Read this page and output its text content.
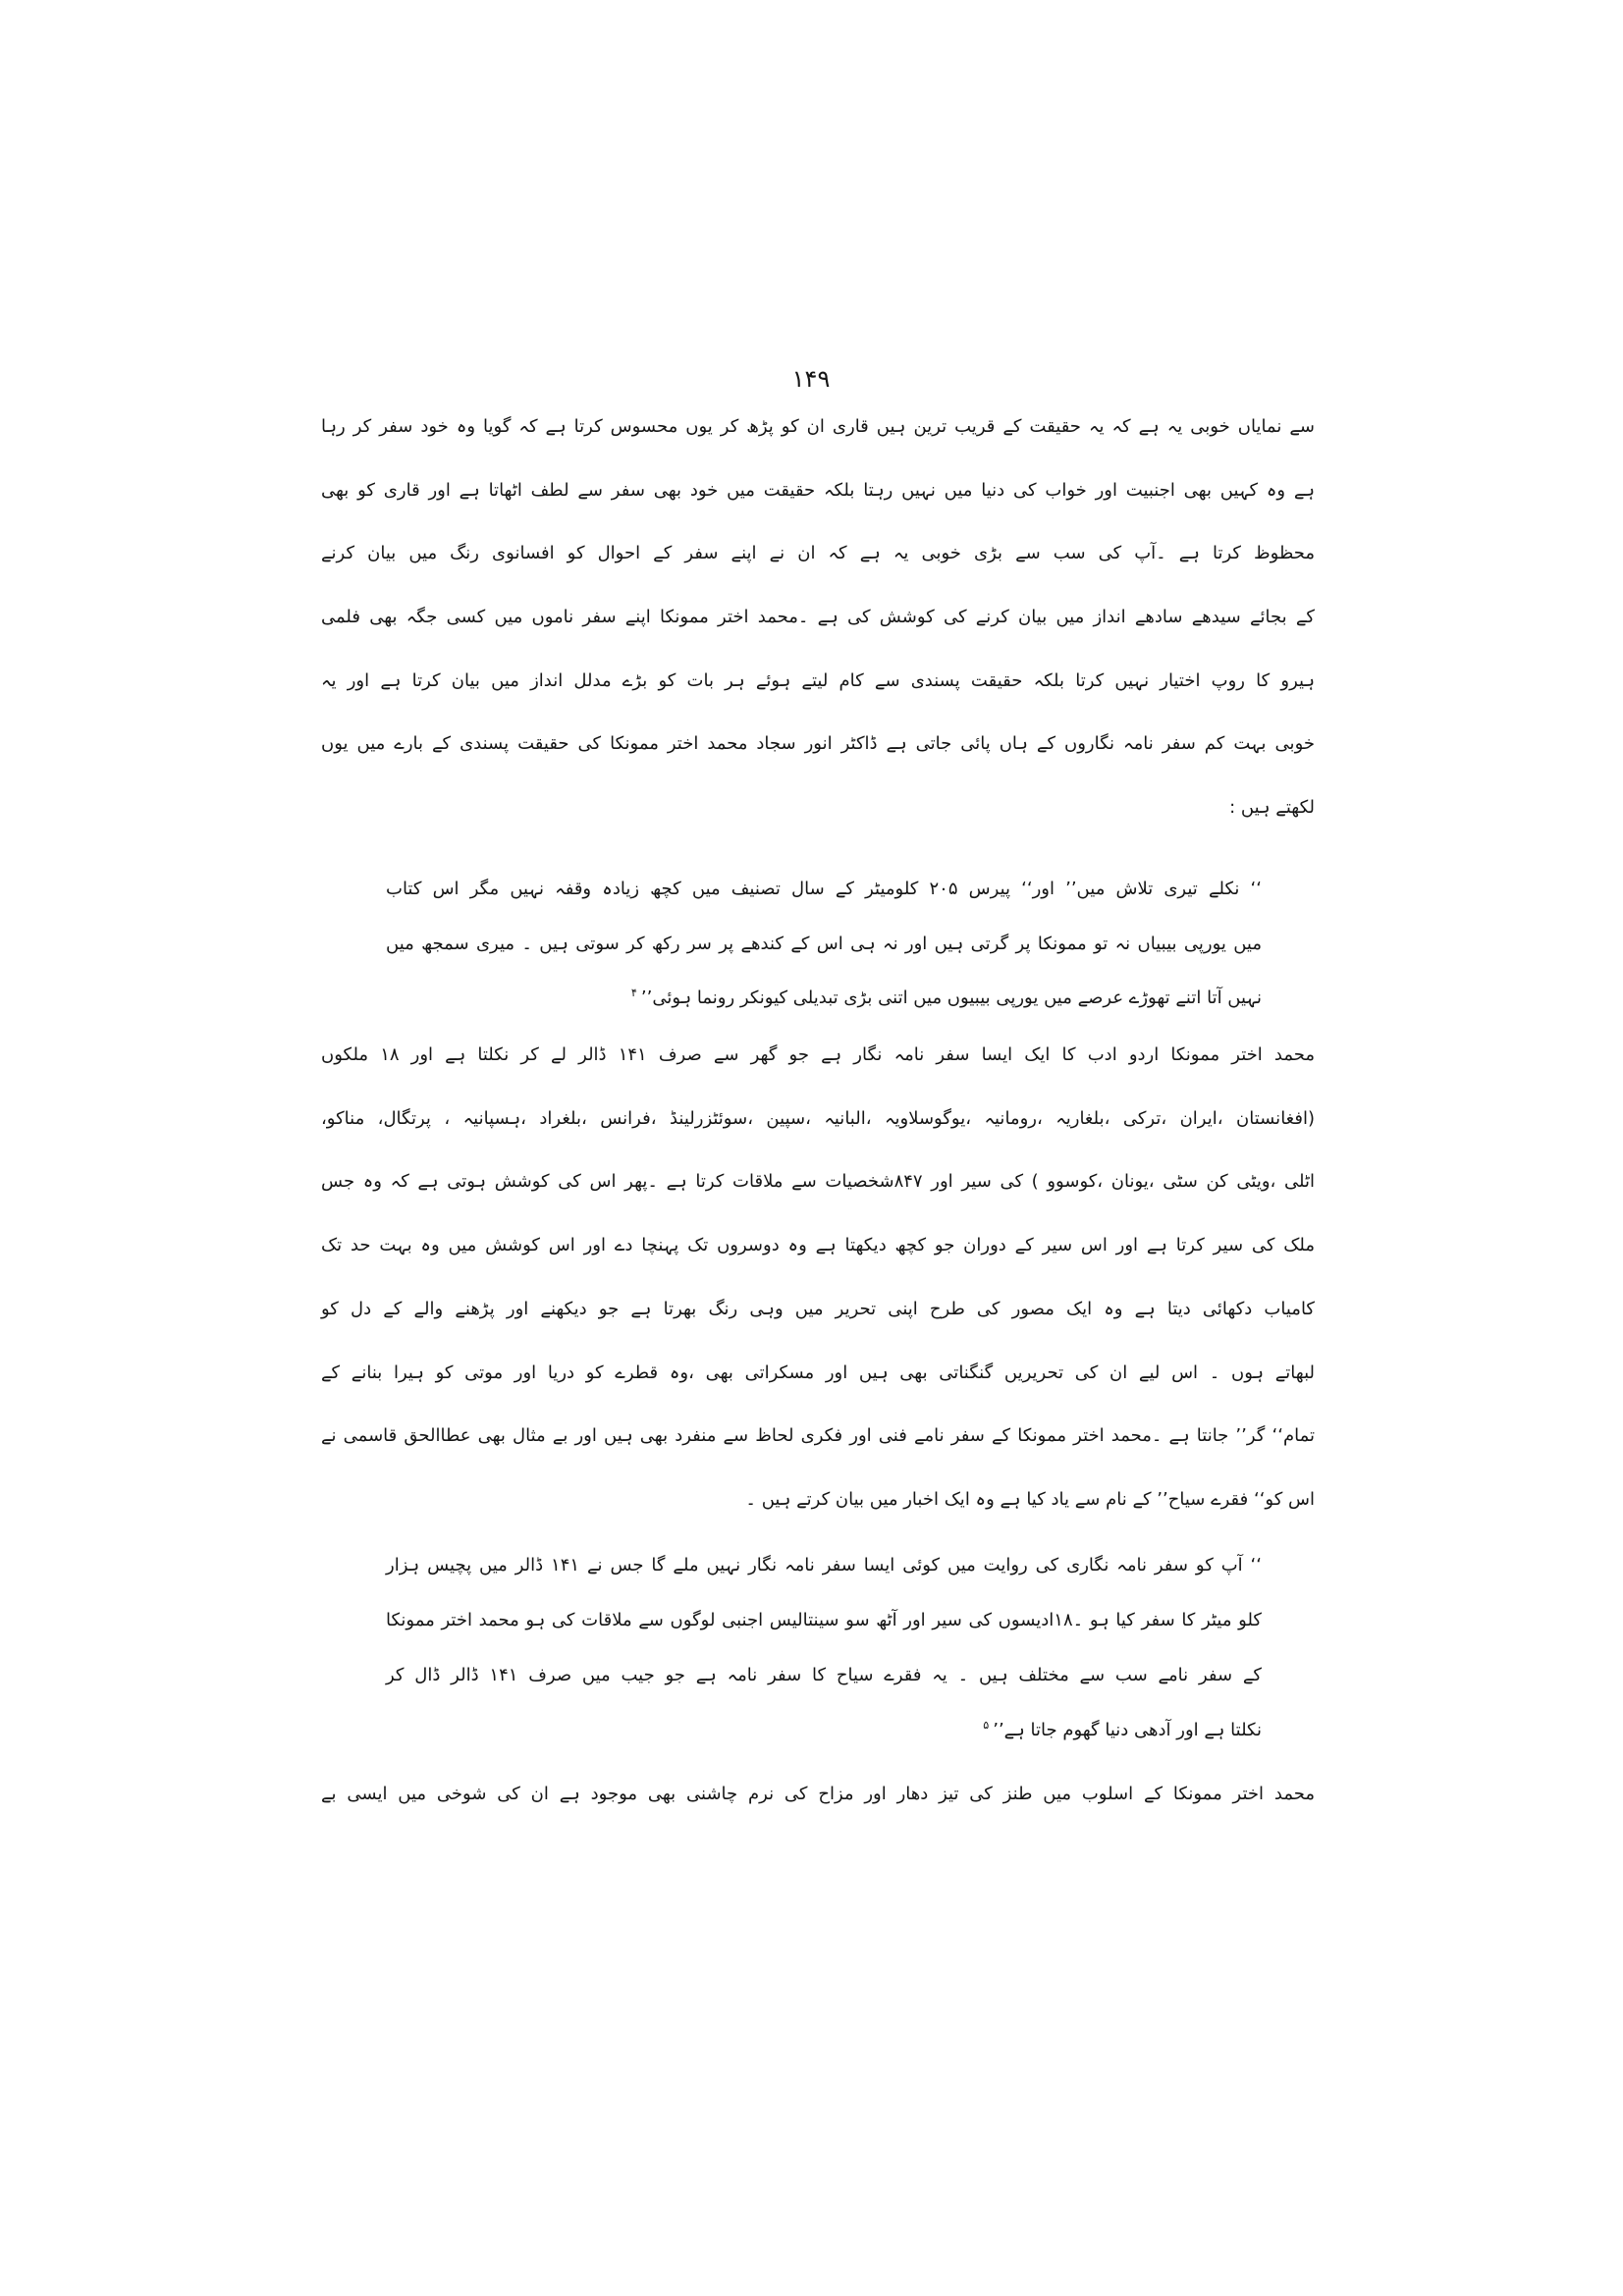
۱۴۹
سے نمایاں خوبی یہ ہے کہ یہ حقیقت کے قریب ترین ہیں قاری ان کو پڑھ کر یوں محسوس کرتا ہے کہ گویا وہ خود سفر کر رہا
ہے وہ کہیں بھی اجنبیت اور خواب کی دنیا میں نہیں رہتا بلکہ حقیقت میں خود بھی سفر سے لطف اٹھاتا ہے اور قاری کو بھی
محظوظ کرتا ہے ۔آپ کی سب سے بڑی خوبی یہ ہے کہ ان نے اپنے سفر کے احوال کو افسانوی رنگ میں بیان کرنے
کے بجائے سیدھے سادھے انداز میں بیان کرنے کی کوشش کی ہے ۔محمد اختر ممونکا اپنے سفر ناموں میں کسی جگہ بھی فلمی
ہیرو کا روپ اختیار نہیں کرتا بلکہ حقیقت پسندی سے کام لیتے ہوئے ہر بات کو بڑے مدلل انداز میں بیان کرتا ہے اور یہ
خوبی بہت کم سفر نامہ نگاروں کے ہاں پائی جاتی ہے ڈاکٹر انور سجاد محمد اختر ممونکا کی حقیقت پسندی کے بارے میں یوں
لکھتے ہیں :
‘‘ نکلے تیری تلاش میں’’ اور‘‘ پیرس ۲۰۵ کلومیٹر کے سال تصنیف میں کچھ زیادہ وقفہ نہیں مگر اس کتاب
میں یورپی بیبیاں نہ تو ممونکا پر گرتی ہیں اور نہ ہی اس کے کندھے پر سر رکھ کر سوتی ہیں ۔ میری سمجھ میں
نہیں آتا اتنے تھوڑے عرصے میں یورپی بیبیوں میں اتنی بڑی تبدیلی کیونکر رونما ہوئی’’$^۴$
محمد اختر ممونکا اردو ادب کا ایک ایسا سفر نامہ نگار ہے جو گھر سے صرف ۱۴۱ ڈالر لے کر نکلتا ہے اور ۱۸ ملکوں
(افغانستان ،ایران ،ترکی ،بلغاریہ ،رومانیہ ،یوگوسلاویہ ،البانیہ ،سپین ،سوئٹزرلینڈ ،فرانس ،بلغراد ،ہسپانیہ ، پرتگال، مناکو،
اٹلی ،ویٹی کن سٹی ،یونان ،کوسوو ) کی سیر اور ۸۴۷شخصیات سے ملاقات کرتا ہے ۔پھر اس کی کوشش ہوتی ہے کہ وہ جس
ملک کی سیر کرتا ہے اور اس سیر کے دوران جو کچھ دیکھتا ہے وہ دوسروں تک پہنچا دے اور اس کوشش میں وہ بہت حد تک
کامیاب دکھائی دیتا ہے وہ ایک مصور کی طرح اپنی تحریر میں وہی رنگ بھرتا ہے جو دیکھنے اور پڑھنے والے کے دل کو
لبھاتے ہوں ۔ اس لیے ان کی تحریریں گنگناتی بھی ہیں اور مسکراتی بھی ،وہ قطرے کو دریا اور موتی کو ہیرا بنانے کے
تمام‘‘ گر’’ جانتا ہے ۔محمد اختر ممونکا کے سفر نامے فنی اور فکری لحاظ سے منفرد بھی ہیں اور بے مثال بھی عطاالحق قاسمی نے
اس کو‘‘ فقرے سیاح’’ کے نام سے یاد کیا ہے وہ ایک اخبار میں بیان کرتے ہیں ۔
‘‘ آپ کو سفر نامہ نگاری کی روایت میں کوئی ایسا سفر نامہ نگار نہیں ملے گا جس نے ۱۴۱ ڈالر میں پچیس ہزار
کلو میٹر کا سفر کیا ہو ۔۱۸ادیسوں کی سیر اور آٹھ سو سینتالیس اجنبی لوگوں سے ملاقات کی ہو محمد اختر ممونکا
کے سفر نامے سب سے مختلف ہیں ۔ یہ فقرے سیاح کا سفر نامہ ہے جو جیب میں صرف ۱۴۱ ڈالر ڈال کر
نکلتا ہے اور آدھی دنیا گھوم جاتا ہے’’$^۵$
محمد اختر ممونکا کے اسلوب میں طنز کی تیز دھار اور مزاح کی نرم چاشنی بھی موجود ہے ان کی شوخی میں ایسی بے
